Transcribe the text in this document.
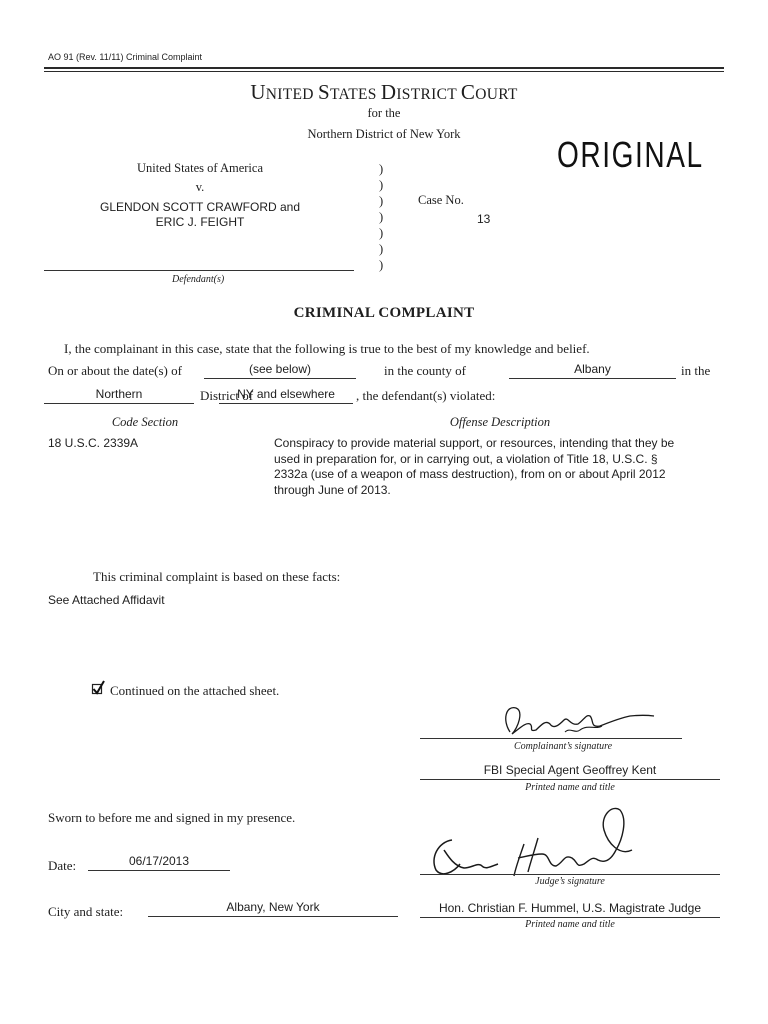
AO 91 (Rev. 11/11) Criminal Complaint
UNITED STATES DISTRICT COURT
for the
Northern District of New York	ORIGINAL
United States of America
v.
GLENDON SCOTT CRAWFORD and
ERIC J. FEIGHT
Defendant(s)
)
)
)
)
)
)
)
Case No.
13
CRIMINAL COMPLAINT
I, the complainant in this case, state that the following is true to the best of my knowledge and belief.
On or about the date(s) of	(see below)	in the county of	Albany	in the
Northern	District of
NY and elsewhere	, the defendant(s) violated:
Code Section	Offense Description
18 U.S.C. 2339A	Conspiracy to provide material support, or resources, intending that they be
used in preparation for, or in carrying out, a violation of Title 18, U.S.C. §
2332a (use of a weapon of mass destruction), from on or about April 2012
through June of 2013.
This criminal complaint is based on these facts:
See Attached Affidavit
Continued on the attached sheet.
Complainant’s signature
FBI Special Agent Geoffrey Kent
Printed name and title
Sworn to before me and signed in my presence.
Judge’s signature
Date:	06/17/2013
City and state:	Albany, New York	Hon. Christian F. Hummel, U.S. Magistrate Judge
Printed name and title
